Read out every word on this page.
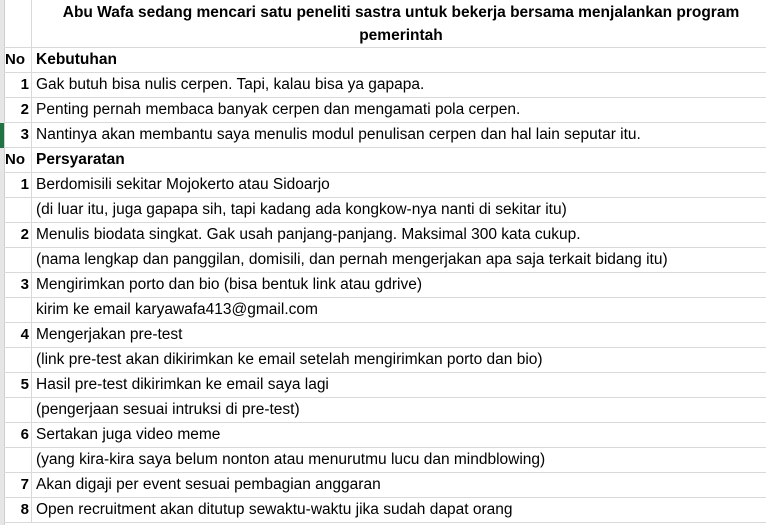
Abu Wafa sedang mencari satu peneliti sastra untuk bekerja bersama menjalankan program pemerintah
No Kebutuhan
1 Gak butuh bisa nulis cerpen. Tapi, kalau bisa ya gapapa.
2 Penting pernah membaca banyak cerpen dan mengamati pola cerpen.
3 Nantinya akan membantu saya menulis modul penulisan cerpen dan hal lain seputar itu.
No Persyaratan
1 Berdomisili sekitar Mojokerto atau Sidoarjo
(di luar itu, juga gapapa sih, tapi kadang ada kongkow-nya nanti di sekitar itu)
2 Menulis biodata singkat. Gak usah panjang-panjang. Maksimal 300 kata cukup.
(nama lengkap dan panggilan, domisili, dan pernah mengerjakan apa saja terkait bidang itu)
3 Mengirimkan porto dan bio (bisa bentuk link atau gdrive)
kirim ke email karyawafa413@gmail.com
4 Mengerjakan pre-test
(link pre-test akan dikirimkan ke email setelah mengirimkan porto dan bio)
5 Hasil pre-test dikirimkan ke email saya lagi
(pengerjaan sesuai intruksi di pre-test)
6 Sertakan juga video meme
(yang kira-kira saya belum nonton atau menurutmu lucu dan mindblowing)
7 Akan digaji per event sesuai pembagian anggaran
8 Open recruitment akan ditutup sewaktu-waktu jika sudah dapat orang
